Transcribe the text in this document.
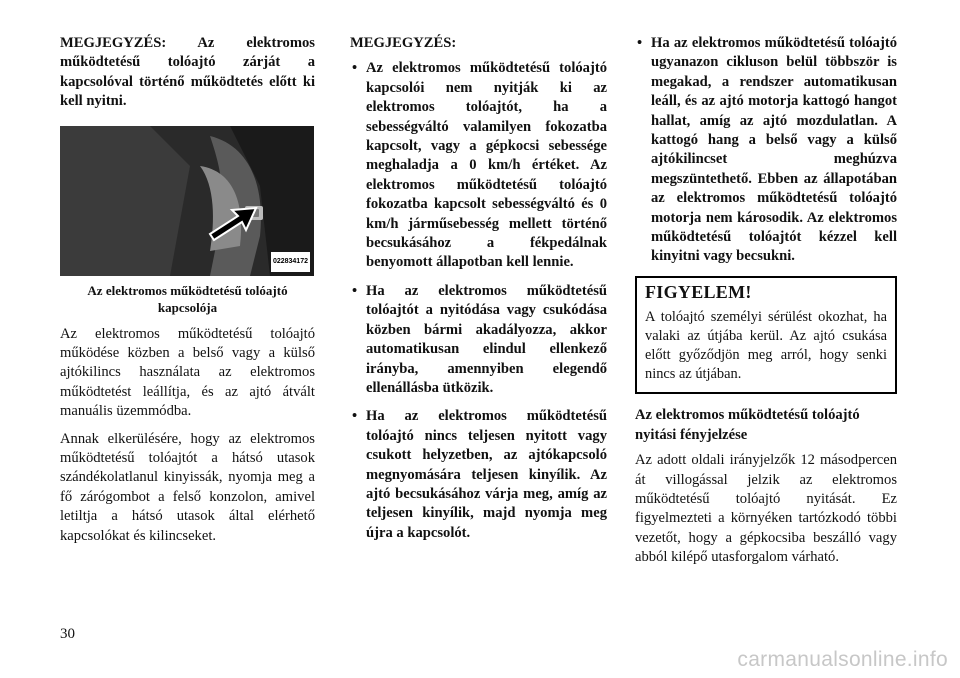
MEGJEGYZÉS: Az elektromos működtetésű tolóajtó zárját a kapcsolóval történő működtetés előtt ki kell nyitni.

022834172
Az elektromos működtetésű tolóajtó kapcsolója

Az elektromos működtetésű tolóajtó működése közben a belső vagy a külső ajtókilincs használata az elektromos működtetést leállítja, és az ajtó átvált manuális üzemmódba.

Annak elkerülésére, hogy az elektromos működtetésű tolóajtót a hátsó utasok szándékolatlanul kinyissák, nyomja meg a fő zárógombot a felső konzolon, amivel letiltja a hátsó utasok által elérhető kapcsolókat és kilincseket.

MEGJEGYZÉS:
• Az elektromos működtetésű tolóajtó kapcsolói nem nyitják ki az elektromos tolóajtót, ha a sebességváltó valamilyen fokozatba kapcsolt, vagy a gépkocsi sebessége meghaladja a 0 km/h értéket. Az elektromos működtetésű tolóajtó fokozatba kapcsolt sebességváltó és 0 km/h járműsebesség mellett történő becsukásához a fékpedálnak benyomott állapotban kell lennie.
• Ha az elektromos működtetésű tolóajtót a nyitódása vagy csukódása közben bármi akadályozza, akkor automatikusan elindul ellenkező irányba, amennyiben elegendő ellenállásba ütközik.
• Ha az elektromos működtetésű tolóajtó nincs teljesen nyitott vagy csukott helyzetben, az ajtókapcsoló megnyomására teljesen kinyílik. Az ajtó becsukásához várja meg, amíg az teljesen kinyílik, majd nyomja meg újra a kapcsolót.
• Ha az elektromos működtetésű tolóajtó ugyanazon cikluson belül többször is megakad, a rendszer automatikusan leáll, és az ajtó motorja kattogó hangot hallat, amíg az ajtó mozdulatlan. A kattogó hang a belső vagy a külső ajtókilincset meghúzva megszüntethető. Ebben az állapotában az elektromos működtetésű tolóajtó motorja nem károsodik. Az elektromos működtetésű tolóajtót kézzel kell kinyitni vagy becsukni.
FIGYELEM!
A tolóajtó személyi sérülést okozhat, ha valaki az útjába kerül. Az ajtó csukása előtt győződjön meg arról, hogy senki nincs az útjában.
Az elektromos működtetésű tolóajtó nyitási fényjelzése

Az adott oldali irányjelzők 12 másodpercen át villogással jelzik az elektromos működtetésű tolóajtó nyitását. Ez figyelmezteti a környéken tartózkodó többi vezetőt, hogy a gépkocsiba beszálló vagy abból kilépő utasforgalom várható.

30
carmanualsonline.info
